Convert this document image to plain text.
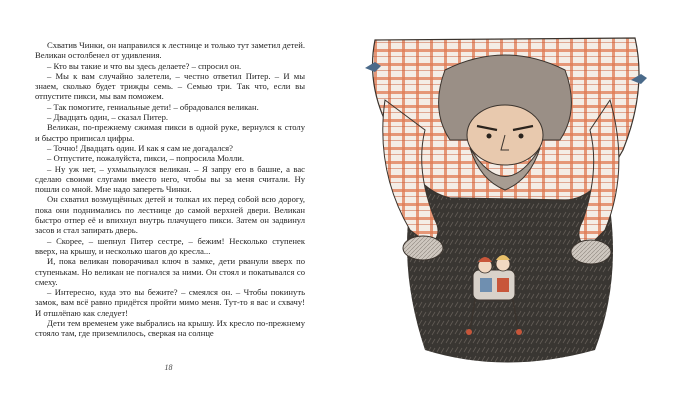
Схватив Чинки, он направился к лестнице и только тут заметил детей. Великан остолбенел от удивления.

– Кто вы такие и что вы здесь делаете? – спросил он.

– Мы к вам случайно залетели, – честно ответил Питер. – И мы знаем, сколько будет трижды семь. – Семью три. Так что, если вы отпустите пикси, мы вам поможем.

– Так помогите, гениальные дети! – обрадовался великан.

– Двадцать один, – сказал Питер.

Великан, по-прежнему сжимая пикси в одной руке, вернулся к столу и быстро приписал цифры.

– Точно! Двадцать один. И как я сам не догадался?

– Отпустите, пожалуйста, пикси, – попросила Молли.

– Ну уж нет, – ухмыльнулся великан. – Я запру его в башне, а вас сделаю своими слугами вместо него, чтобы вы за меня считали. Ну пошли со мной. Мне надо запереть Чинки.

Он схватил возмущённых детей и толкал их перед собой всю дорогу, пока они поднимались по лестнице до самой верхней двери. Великан быстро отпер её и впихнул внутрь плачущего пикси. Затем он задвинул засов и стал запирать дверь.

– Скорее, – шепнул Питер сестре, – бежим! Несколько ступенек вверх, на крышу, и несколько шагов до кресла...

И, пока великан поворачивал ключ в замке, дети рванули вверх по ступенькам. Но великан не погнался за ними. Он стоял и покатывался со смеху.

– Интересно, куда это вы бежите? – смеялся он. – Чтобы покинуть замок, вам всё равно придётся пройти мимо меня. Тут-то я вас и схвачу! И отшлёпаю как следует!

Дети тем временем уже выбрались на крышу. Их кресло по-прежнему стояло там, где приземлилось, сверкая на солнце

18
